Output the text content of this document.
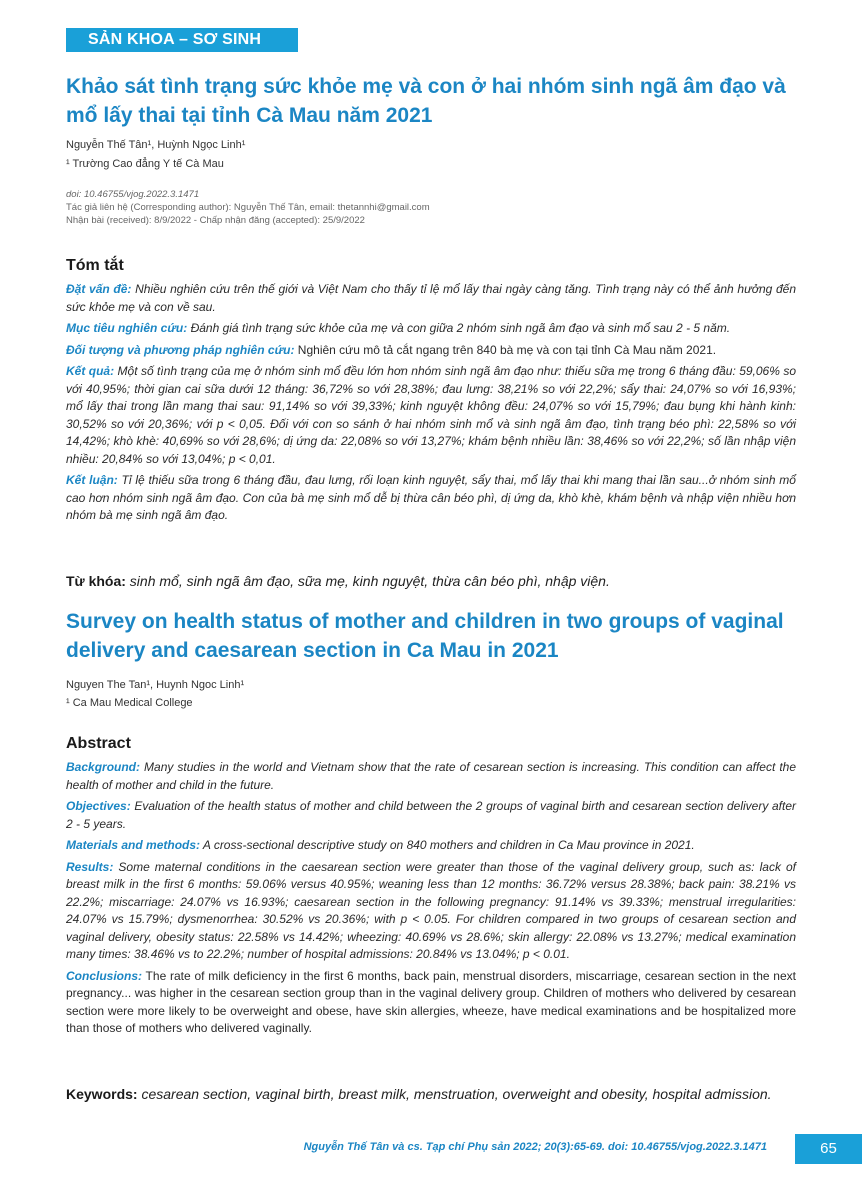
SẢN KHOA – SƠ SINH
Khảo sát tình trạng sức khỏe mẹ và con ở hai nhóm sinh ngã âm đạo và mổ lấy thai tại tỉnh Cà Mau năm 2021
Nguyễn Thế Tân¹, Huỳnh Ngọc Linh¹
¹ Trường Cao đẳng Y tế Cà Mau
doi: 10.46755/vjog.2022.3.1471
Tác giả liên hệ (Corresponding author): Nguyễn Thế Tân, email: thetannhi@gmail.com
Nhận bài (received): 8/9/2022 - Chấp nhận đăng (accepted): 25/9/2022
Tóm tắt

Đặt vấn đề: Nhiều nghiên cứu trên thế giới và Việt Nam cho thấy tỉ lệ mổ lấy thai ngày càng tăng. Tình trạng này có thể ảnh hưởng đến sức khỏe mẹ và con về sau.

Mục tiêu nghiên cứu: Đánh giá tình trạng sức khỏe của mẹ và con giữa 2 nhóm sinh ngã âm đạo và sinh mổ sau 2 - 5 năm.

Đối tượng và phương pháp nghiên cứu: Nghiên cứu mô tả cắt ngang trên 840 bà mẹ và con tại tỉnh Cà Mau năm 2021.

Kết quả: Một số tình trạng của mẹ ở nhóm sinh mổ đều lớn hơn nhóm sinh ngã âm đạo như: thiếu sữa mẹ trong 6 tháng đầu: 59,06% so với 40,95%; thời gian cai sữa dưới 12 tháng: 36,72% so với 28,38%; đau lưng: 38,21% so với 22,2%; sẩy thai: 24,07% so với 16,93%; mổ lấy thai trong lần mang thai sau: 91,14% so với 39,33%; kinh nguyệt không đều: 24,07% so với 15,79%; đau bụng khi hành kinh: 30,52% so với 20,36%; với p < 0,05. Đối với con so sánh ở hai nhóm sinh mổ và sinh ngã âm đạo, tình trạng béo phì: 22,58% so với 14,42%; khò khè: 40,69% so với 28,6%; dị ứng da: 22,08% so với 13,27%; khám bệnh nhiều lần: 38,46% so với 22,2%; số lần nhập viện nhiều: 20,84% so với 13,04%; p < 0,01.

Kết luận: Tỉ lệ thiếu sữa trong 6 tháng đầu, đau lưng, rối loạn kinh nguyệt, sẩy thai, mổ lấy thai khi mang thai lần sau...ở nhóm sinh mổ cao hơn nhóm sinh ngã âm đạo. Con của bà mẹ sinh mổ dễ bị thừa cân béo phì, dị ứng da, khò khè, khám bệnh và nhập viện nhiều hơn nhóm bà mẹ sinh ngã âm đạo.

Từ khóa: sinh mổ, sinh ngã âm đạo, sữa mẹ, kinh nguyệt, thừa cân béo phì, nhập viện.
Survey on health status of mother and children in two groups of vaginal delivery and caesarean section in Ca Mau in 2021
Nguyen The Tan¹, Huynh Ngoc Linh¹
¹ Ca Mau Medical College
Abstract

Background: Many studies in the world and Vietnam show that the rate of cesarean section is increasing. This condition can affect the health of mother and child in the future.

Objectives: Evaluation of the health status of mother and child between the 2 groups of vaginal birth and cesarean section delivery after 2 - 5 years.

Materials and methods: A cross-sectional descriptive study on 840 mothers and children in Ca Mau province in 2021.

Results: Some maternal conditions in the caesarean section were greater than those of the vaginal delivery group, such as: lack of breast milk in the first 6 months: 59.06% versus 40.95%; weaning less than 12 months: 36.72% versus 28.38%; back pain: 38.21% vs 22.2%; miscarriage: 24.07% vs 16.93%; caesarean section in the following pregnancy: 91.14% vs 39.33%; menstrual irregularities: 24.07% vs 15.79%; dysmenorrhea: 30.52% vs 20.36%; with p < 0.05. For children compared in two groups of cesarean section and vaginal delivery, obesity status: 22.58% vs 14.42%; wheezing: 40.69% vs 28.6%; skin allergy: 22.08% vs 13.27%; medical examination many times: 38.46% vs to 22.2%; number of hospital admissions: 20.84% vs 13.04%; p < 0.01.

Conclusions: The rate of milk deficiency in the first 6 months, back pain, menstrual disorders, miscarriage, cesarean section in the next pregnancy... was higher in the cesarean section group than in the vaginal delivery group. Children of mothers who delivered by cesarean section were more likely to be overweight and obese, have skin allergies, wheeze, have medical examinations and be hospitalized more than those of mothers who delivered vaginally.

Keywords: cesarean section, vaginal birth, breast milk, menstruation, overweight and obesity, hospital admission.
Nguyễn Thế Tân và cs. Tạp chí Phụ sản 2022; 20(3):65-69. doi: 10.46755/vjog.2022.3.1471	65
